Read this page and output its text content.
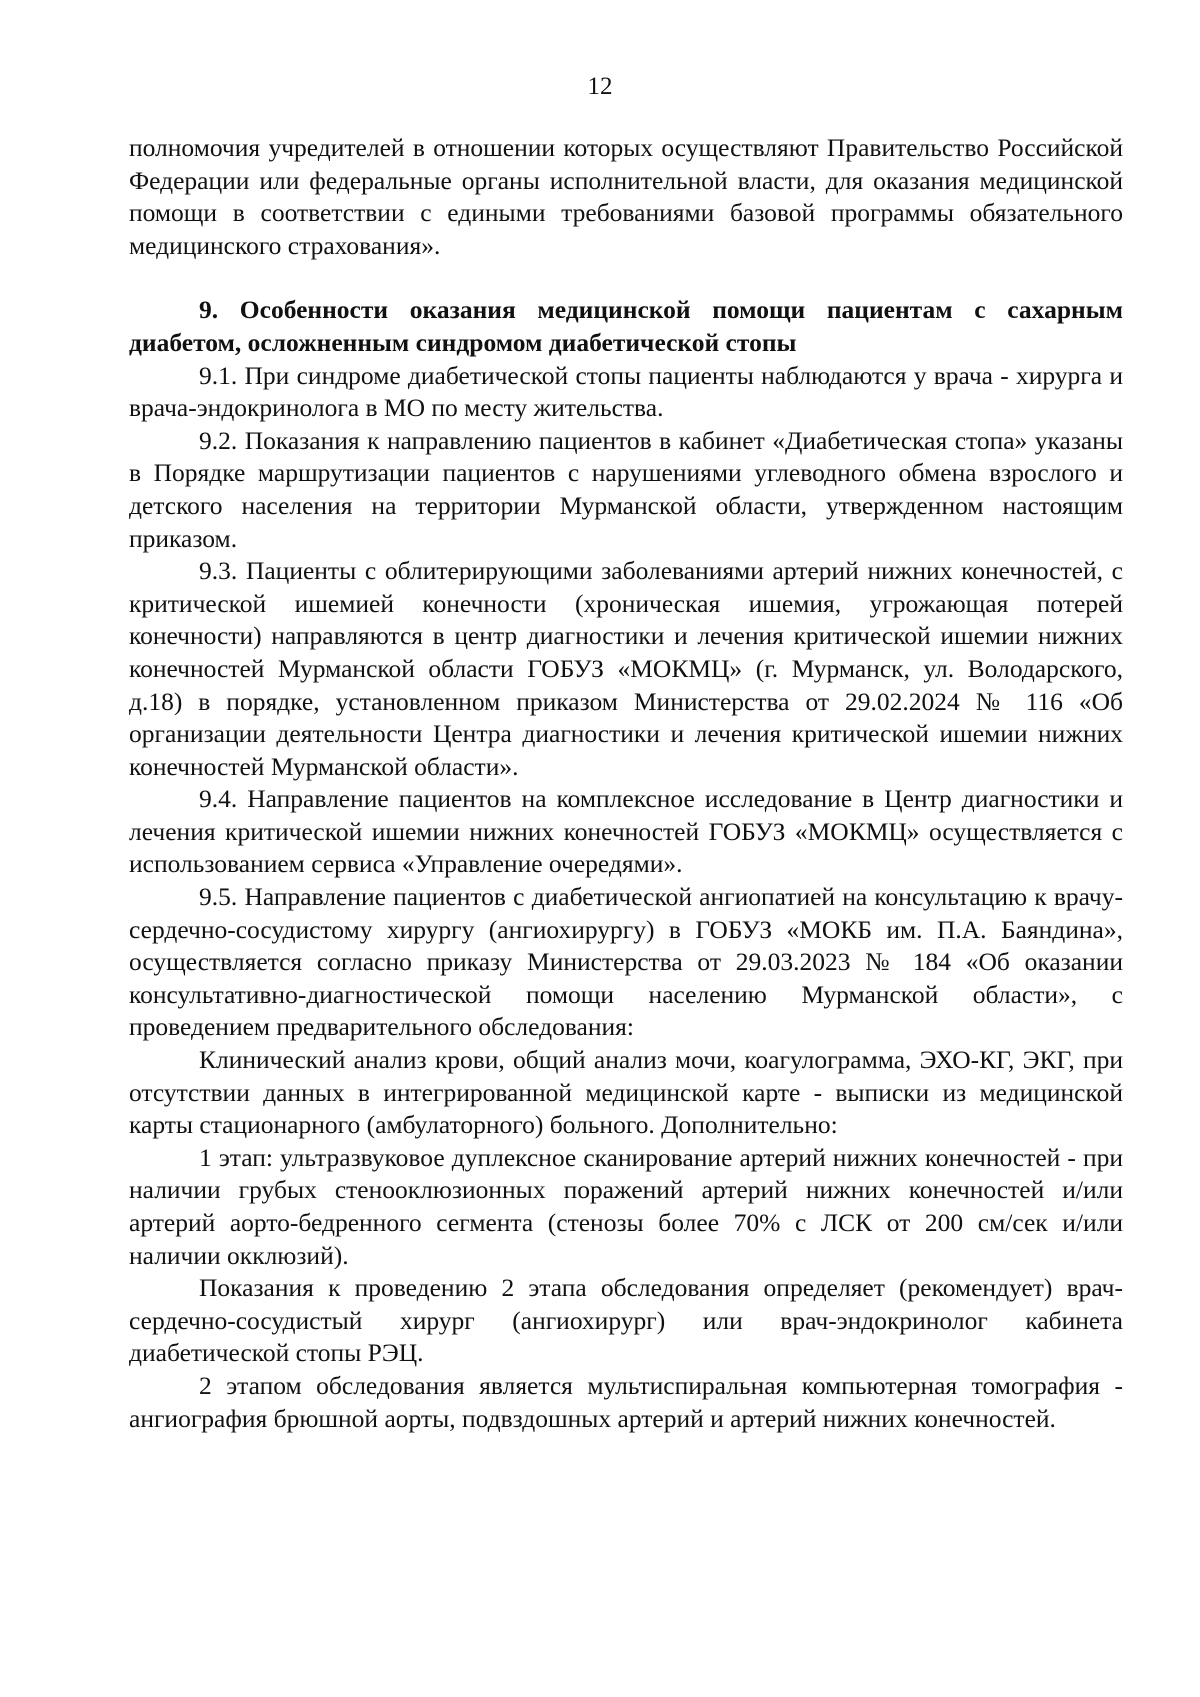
12

полномочия учредителей в отношении которых осуществляют Правительство Российской Федерации или федеральные органы исполнительной власти, для оказания медицинской помощи в соответствии с едиными требованиями базовой программы обязательного медицинского страхования».

9. Особенности оказания медицинской помощи пациентам с сахарным диабетом, осложненным синдромом диабетической стопы

9.1. При синдроме диабетической стопы пациенты наблюдаются у врача - хирурга и врача-эндокринолога в МО по месту жительства.

9.2. Показания к направлению пациентов в кабинет «Диабетическая стопа» указаны в Порядке маршрутизации пациентов с нарушениями углеводного обмена взрослого и детского населения на территории Мурманской области, утвержденном настоящим приказом.

9.3. Пациенты с облитерирующими заболеваниями артерий нижних конечностей, с критической ишемией конечности (хроническая ишемия, угрожающая потерей конечности) направляются в центр диагностики и лечения критической ишемии нижних конечностей Мурманской области ГОБУЗ «МОКМЦ» (г. Мурманск, ул. Володарского, д.18) в порядке, установленном приказом Министерства от 29.02.2024 № 116 «Об организации деятельности Центра диагностики и лечения критической ишемии нижних конечностей Мурманской области».

9.4. Направление пациентов на комплексное исследование в Центр диагностики и лечения критической ишемии нижних конечностей ГОБУЗ «МОКМЦ» осуществляется с использованием сервиса «Управление очередями».

9.5. Направление пациентов с диабетической ангиопатией на консультацию к врачу-сердечно-сосудистому хирургу (ангиохирургу) в ГОБУЗ «МОКБ им. П.А. Баяндина», осуществляется согласно приказу Министерства от 29.03.2023 № 184 «Об оказании консультативно-диагностической помощи населению Мурманской области», с проведением предварительного обследования:

Клинический анализ крови, общий анализ мочи, коагулограмма, ЭХО-КГ, ЭКГ, при отсутствии данных в интегрированной медицинской карте - выписки из медицинской карты стационарного (амбулаторного) больного. Дополнительно:

1 этап: ультразвуковое дуплексное сканирование артерий нижних конечностей - при наличии грубых стенооклюзионных поражений артерий нижних конечностей и/или артерий аорто-бедренного сегмента (стенозы более 70% с ЛСК от 200 см/сек и/или наличии окклюзий).

Показания к проведению 2 этапа обследования определяет (рекомендует) врач-сердечно-сосудистый хирург (ангиохирург) или врач-эндокринолог кабинета диабетической стопы РЭЦ.

2 этапом обследования является мультиспиральная компьютерная томография - ангиография брюшной аорты, подвздошных артерий и артерий нижних конечностей.
